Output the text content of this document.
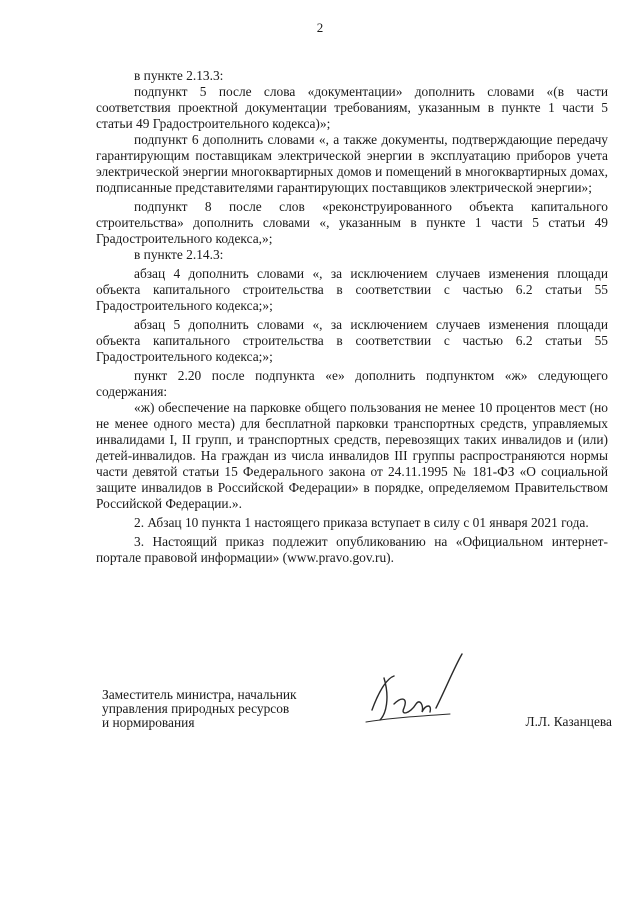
2

в пункте 2.13.3:

подпункт 5 после слова «документации» дополнить словами «(в части соответствия проектной документации требованиям, указанным в пункте 1 части 5 статьи 49 Градостроительного кодекса)»;

подпункт 6 дополнить словами «, а также документы, подтверждающие передачу гарантирующим поставщикам электрической энергии в эксплуатацию приборов учета электрической энергии многоквартирных домов и помещений в многоквартирных домах, подписанные представителями гарантирующих поставщиков электрической энергии»;

подпункт 8 после слов «реконструированного объекта капитального строительства» дополнить словами «, указанным в пункте 1 части 5 статьи 49 Градостроительного кодекса,»;

в пункте 2.14.3:

абзац 4 дополнить словами «, за исключением случаев изменения площади объекта капитального строительства в соответствии с частью 6.2 статьи 55 Градостроительного кодекса;»;

абзац 5 дополнить словами «, за исключением случаев изменения площади объекта капитального строительства в соответствии с частью 6.2 статьи 55 Градостроительного кодекса;»;

пункт 2.20 после подпункта «е» дополнить подпунктом «ж» следующего содержания:

«ж) обеспечение на парковке общего пользования не менее 10 процентов мест (но не менее одного места) для бесплатной парковки транспортных средств, управляемых инвалидами I, II групп, и транспортных средств, перевозящих таких инвалидов и (или) детей-инвалидов. На граждан из числа инвалидов III группы распространяются нормы части девятой статьи 15 Федерального закона от 24.11.1995 № 181-ФЗ «О социальной защите инвалидов в Российской Федерации» в порядке, определяемом Правительством Российской Федерации.».

2. Абзац 10 пункта 1 настоящего приказа вступает в силу с 01 января 2021 года.

3. Настоящий приказ подлежит опубликованию на «Официальном интернет-портале правовой информации» (www.pravo.gov.ru).

Заместитель министра, начальник
управления природных ресурсов
и нормирования	Л.Л. Казанцева
